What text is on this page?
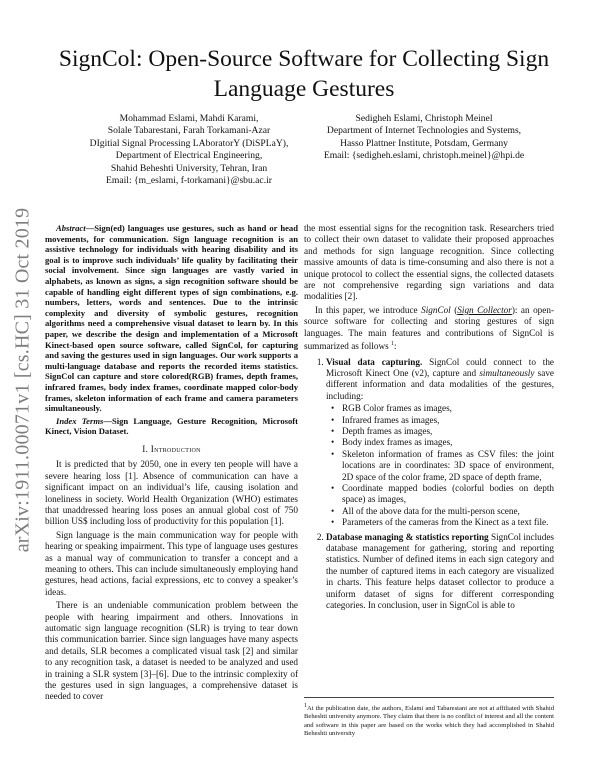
arXiv:1911.00071v1 [cs.HC] 31 Oct 2019
SignCol: Open-Source Software for Collecting Sign Language Gestures
Mohammad Eslami, Mahdi Karami,
Solale Tabarestani, Farah Torkamani-Azar
DIgitial Signal Processing LAboratorY (DiSPLaY),
Department of Electrical Engineering,
Shahid Beheshti University, Tehran, Iran
Email: {m_eslami, f-torkamani}@sbu.ac.ir
Sedigheh Eslami, Christoph Meinel
Department of Internet Technologies and Systems,
Hasso Plattner Institute, Potsdam, Germany
Email: {sedigheh.eslami, christoph.meinel}@hpi.de

Abstract—Sign(ed) languages use gestures, such as hand or head movements, for communication. Sign language recognition is an assistive technology for individuals with hearing disability and its goal is to improve such individuals’ life quality by facilitating their social involvement. Since sign languages are vastly varied in alphabets, as known as signs, a sign recognition software should be capable of handling eight different types of sign combinations, e.g. numbers, letters, words and sentences. Due to the intrinsic complexity and diversity of symbolic gestures, recognition algorithms need a comprehensive visual dataset to learn by. In this paper, we describe the design and implementation of a Microsoft Kinect-based open source software, called SignCol, for capturing and saving the gestures used in sign languages. Our work supports a multi-language database and reports the recorded items statistics. SignCol can capture and store colored(RGB) frames, depth frames, infrared frames, body index frames, coordinate mapped color-body frames, skeleton information of each frame and camera parameters simultaneously.

Index Terms—Sign Language, Gesture Recognition, Microsoft Kinect, Vision Dataset.

I. Introduction

It is predicted that by 2050, one in every ten people will have a severe hearing loss [1]. Absence of communication can have a significant impact on an individual’s life, causing isolation and loneliness in society. World Health Organization (WHO) estimates that unaddressed hearing loss poses an annual global cost of 750 billion US$ including loss of productivity for this population [1].

Sign language is the main communication way for people with hearing or speaking impairment. This type of language uses gestures as a manual way of communication to transfer a concept and a meaning to others. This can include simultaneously employing hand gestures, head actions, facial expressions, etc to convey a speaker’s ideas.

There is an undeniable communication problem between the people with hearing impairment and others. Innovations in automatic sign language recognition (SLR) is trying to tear down this communication barrier. Since sign languages have many aspects and details, SLR becomes a complicated visual task [2] and similar to any recognition task, a dataset is needed to be analyzed and used in training a SLR system [3]–[6]. Due to the intrinsic complexity of the gestures used in sign languages, a comprehensive dataset is needed to cover

the most essential signs for the recognition task. Researchers tried to collect their own dataset to validate their proposed approaches and methods for sign language recognition. Since collecting massive amounts of data is time-consuming and also there is not a unique protocol to collect the essential signs, the collected datasets are not comprehensive regarding sign variations and data modalities [2].

In this paper, we introduce SignCol (Sign Collector): an open-source software for collecting and storing gestures of sign languages. The main features and contributions of SignCol is summarized as follows $^1$:

1. Visual data capturing. SignCol could connect to the Microsoft Kinect One (v2), capture and simultaneously save different information and data modalities of the gestures, including:
• RGB Color frames as images,
• Infrared frames as images,
• Depth frames as images,
• Body index frames as images,
• Skeleton information of frames as CSV files: the joint locations are in coordinates: 3D space of environment, 2D space of the color frame, 2D space of depth frame,
• Coordinate mapped bodies (colorful bodies on depth space) as images,
• All of the above data for the multi-person scene,
• Parameters of the cameras from the Kinect as a text file.
2. Database managing & statistics reporting SignCol includes database management for gathering, storing and reporting statistics. Number of defined items in each sign category and the number of captured items in each category are visualized in charts. This feature helps dataset collector to produce a uniform dataset of signs for different corresponding categories. In conclusion, user in SignCol is able to
1At the publication date, the authors, Eslami and Tabarestani are not at affiliated with Shahid Beheshti university anymore. They claim that there is no conflict of interest and all the content and software in this paper are based on the works which they had accomplished in Shahid Beheshti university
